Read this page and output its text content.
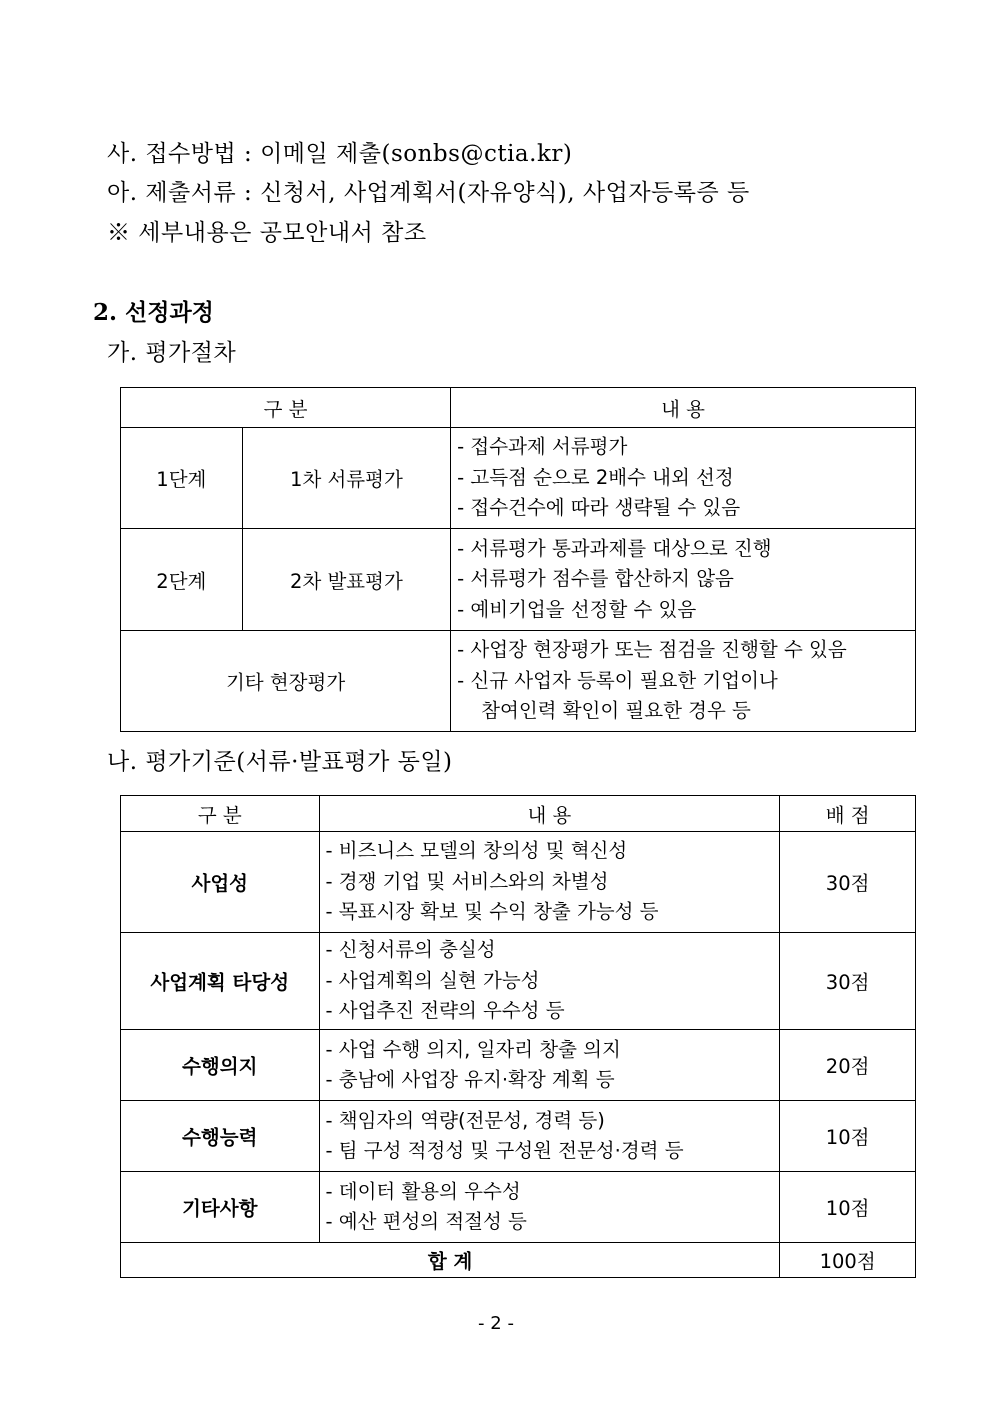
사. 접수방법 : 이메일 제출(sonbs@ctia.kr)
아. 제출서류 : 신청서, 사업계획서(자유양식), 사업자등록증 등
※ 세부내용은 공모안내서 참조
2. 선정과정
가. 평가절차
구 분		내 용
1단계	1차 서류평가	- 접수과제 서류평가
- 고득점 순으로 2배수 내외 선정
- 접수건수에 따라 생략될 수 있음

2단계	2차 발표평가	- 서류평가 통과과제를 대상으로 진행
- 서류평가 점수를 합산하지 않음
- 예비기업을 선정할 수 있음

기타 현장평가		- 사업장 현장평가 또는 점검을 진행할 수 있음
- 신규 사업자 등록이 필요한 기업이나
참여인력 확인이 필요한 경우 등
나. 평가기준(서류·발표평가 동일)
구 분	내 용	배 점
사업성	- 비즈니스 모델의 창의성 및 혁신성
- 경쟁 기업 및 서비스와의 차별성
- 목표시장 확보 및 수익 창출 가능성 등	30점
사업계획 타당성	- 신청서류의 충실성
- 사업계획의 실현 가능성
- 사업추진 전략의 우수성 등	30점
수행의지	- 사업 수행 의지, 일자리 창출 의지
- 충남에 사업장 유지·확장 계획 등	20점
수행능력	- 책임자의 역량(전문성, 경력 등)
- 팀 구성 적정성 및 구성원 전문성·경력 등	10점
기타사항	- 데이터 활용의 우수성
- 예산 편성의 적절성 등	10점
합 계		100점
- 2 -
